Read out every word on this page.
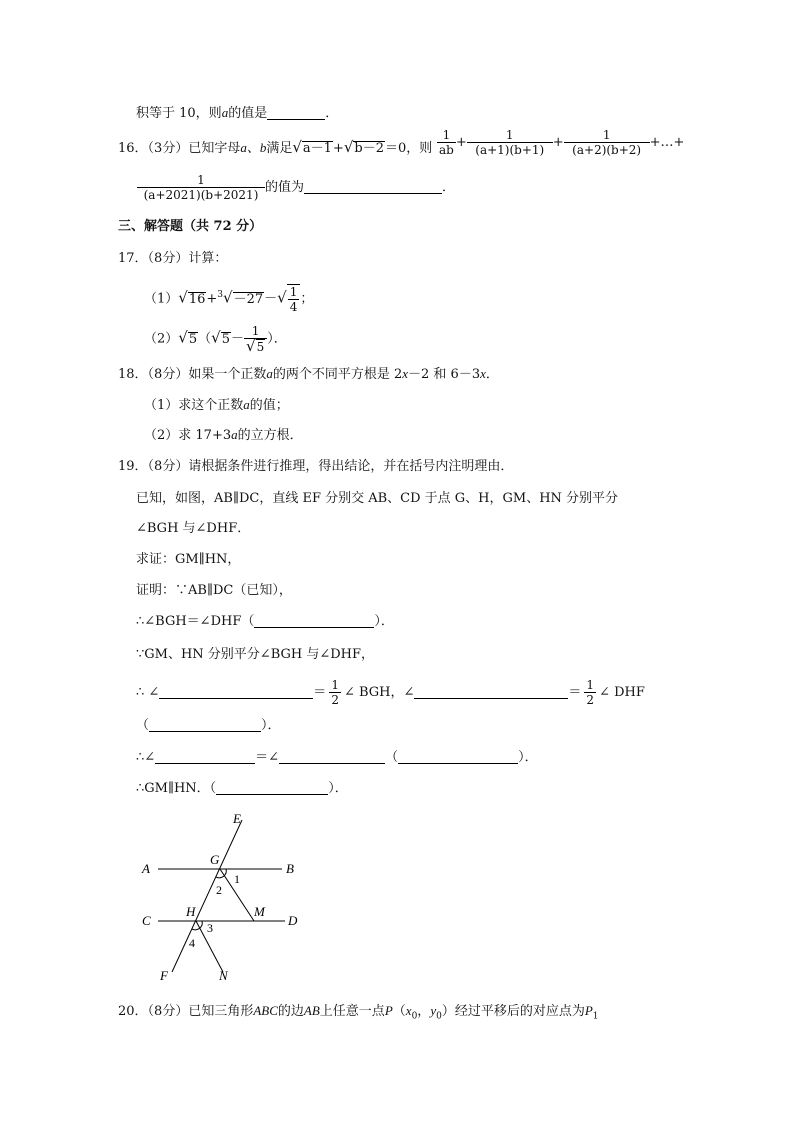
积等于 10，则a的值是	．
16．（3分）已知字母a、b满足√a－1+√b－2＝0，则 $\frac{1}{ab} + \frac{1}{(a+1)(b+1)} + \frac{1}{(a+2)(b+2)}$ +…+
$\frac{1}{(a+2021)(b+2021)}$ 的值为	．
三、解答题（共 72 分）
17．（8分）计算：
$(1)√16+^3√-27-√ \frac{1}{4}$ ；
$(2)√5(√5- \frac{1}{√5}$ ）．
18．（8分）如果一个正数a的两个不同平方根是 2x－2 和 6－3x．
（1）求这个正数a的值；
（2）求 17+3a的立方根．
19．（8分）请根据条件进行推理，得出结论，并在括号内注明理由．
已知，如图，AB∥DC，直线 EF 分别交 AB、CD 于点 G、H，GM、HN 分别平分
∠BGH 与∠DHF．
求证：GM∥HN，
证明：∵AB∥DC（已知），
∴∠BGH＝∠DHF（	）．
∵GM、HN 分别平分∠BGH 与∠DHF，
∴ ∠	＝ $\frac{1}{2}$ ∠ BGH，∠	＝ $\frac{1}{2}$ ∠ DHF
（	）．
∴∠	＝∠	（	）．
∴GM∥HN．（	）．
E
A
G
B
1
2
C
H	M
D
3
4
F	N
20．（8分）已知三角形ABC的边AB上任意一点$P(x_0$，$y_0$）经过平移后的对应点为$P_1$
